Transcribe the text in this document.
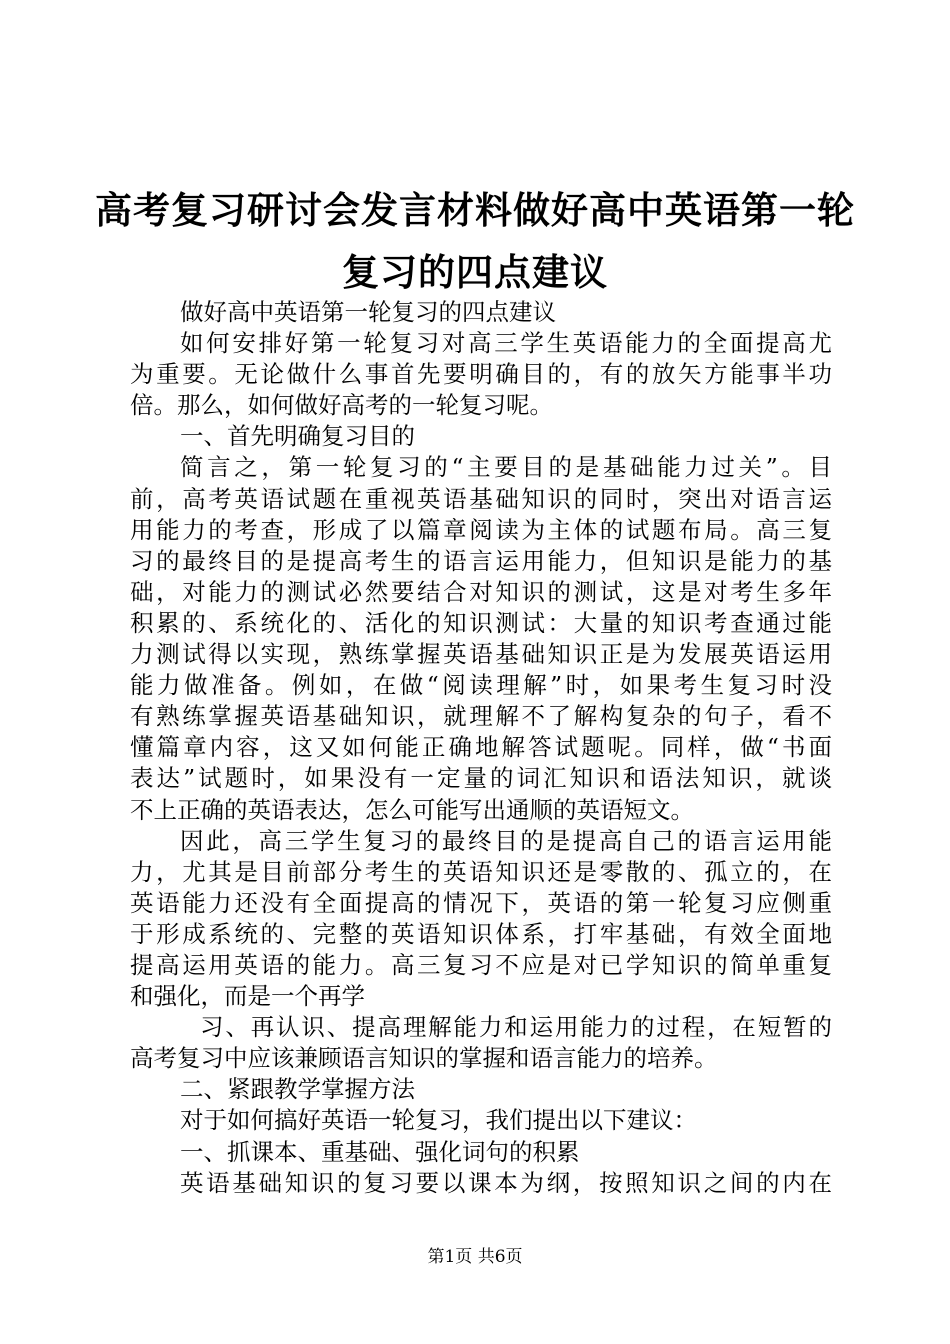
高考复习研讨会发言材料做好高中英语第一轮
复习的四点建议
做好高中英语第一轮复习的四点建议
如何安排好第一轮复习对高三学生英语能力的全面提高尤
为重要。无论做什么事首先要明确目的，有的放矢方能事半功
倍。那么，如何做好高考的一轮复习呢。
一、首先明确复习目的
简言之，第一轮复习的“主要目的是基础能力过关”。目
前，高考英语试题在重视英语基础知识的同时，突出对语言运
用能力的考查，形成了以篇章阅读为主体的试题布局。高三复
习的最终目的是提高考生的语言运用能力，但知识是能力的基
础，对能力的测试必然要结合对知识的测试，这是对考生多年
积累的、系统化的、活化的知识测试：大量的知识考查通过能
力测试得以实现，熟练掌握英语基础知识正是为发展英语运用
能力做准备。例如，在做“阅读理解”时，如果考生复习时没
有熟练掌握英语基础知识，就理解不了解构复杂的句子，看不
懂篇章内容，这又如何能正确地解答试题呢。同样，做“书面
表达”试题时，如果没有一定量的词汇知识和语法知识，就谈
不上正确的英语表达，怎么可能写出通顺的英语短文。
因此，高三学生复习的最终目的是提高自己的语言运用能
力，尤其是目前部分考生的英语知识还是零散的、孤立的，在
英语能力还没有全面提高的情况下，英语的第一轮复习应侧重
于形成系统的、完整的英语知识体系，打牢基础，有效全面地
提高运用英语的能力。高三复习不应是对已学知识的简单重复
和强化，而是一个再学
习、再认识、提高理解能力和运用能力的过程，在短暂的
高考复习中应该兼顾语言知识的掌握和语言能力的培养。
二、紧跟教学掌握方法
对于如何搞好英语一轮复习，我们提出以下建议：
一、抓课本、重基础、强化词句的积累
英语基础知识的复习要以课本为纲，按照知识之间的内在
第1页 共6页
